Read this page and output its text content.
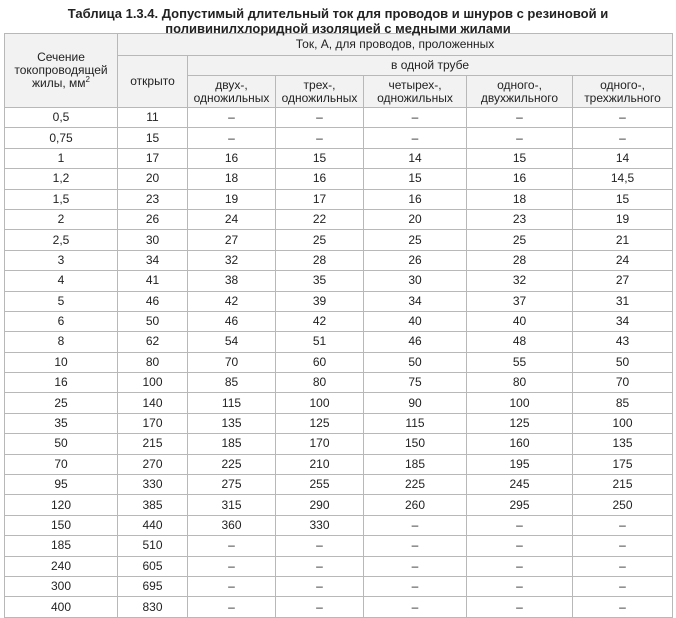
Таблица 1.3.4. Допустимый длительный ток для проводов и шнуров с резиновой и
поливинилхлоридной изоляцией с медными жилами
Сечение токопроводящей жилы, $мм^2$	Ток, А, для проводов, проложенных					
	открыто	в одной трубе				
		двух-, одножильных	трех-, одножильных	четырех-, одножильных	одного-, двухжильного	одного-, трехжильного
0,5	11	–	–	–	–	–
0,75	15	–	–	–	–	–
1	17	16	15	14	15	14
1,2	20	18	16	15	16	14,5
1,5	23	19	17	16	18	15
2	26	24	22	20	23	19
2,5	30	27	25	25	25	21
3	34	32	28	26	28	24
4	41	38	35	30	32	27
5	46	42	39	34	37	31
6	50	46	42	40	40	34
8	62	54	51	46	48	43
10	80	70	60	50	55	50
16	100	85	80	75	80	70
25	140	115	100	90	100	85
35	170	135	125	115	125	100
50	215	185	170	150	160	135
70	270	225	210	185	195	175
95	330	275	255	225	245	215
120	385	315	290	260	295	250
150	440	360	330	–	–	–
185	510	–	–	–	–	–
240	605	–	–	–	–	–
300	695	–	–	–	–	–
400	830	–	–	–	–	–
